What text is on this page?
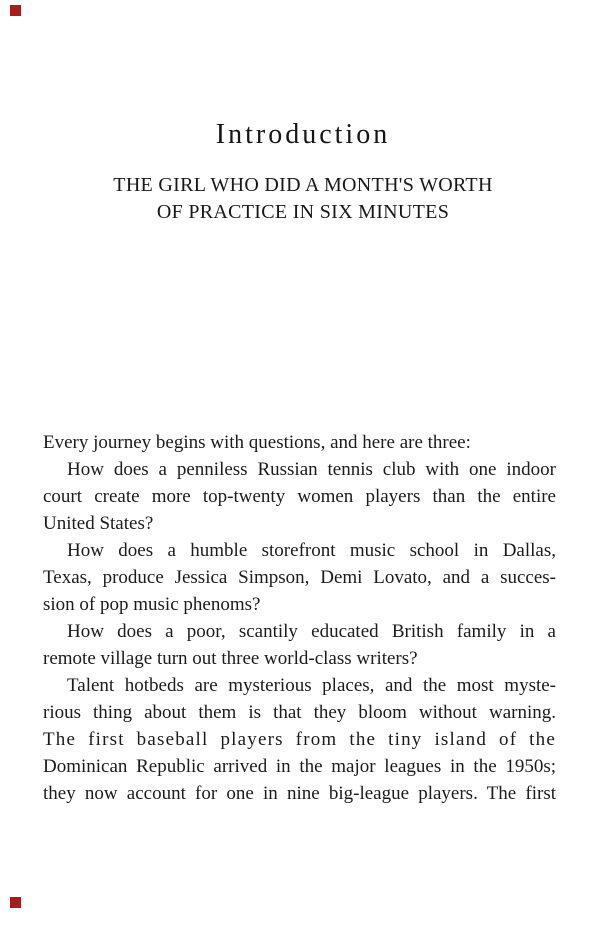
Introduction
THE GIRL WHO DID A MONTH'S WORTH
OF PRACTICE IN SIX MINUTES
Every journey begins with questions, and here are three:
How does a penniless Russian tennis club with one indoor
court create more top-twenty women players than the entire
United States?
How does a humble storefront music school in Dallas,
Texas, produce Jessica Simpson, Demi Lovato, and a succes-
sion of pop music phenoms?
How does a poor, scantily educated British family in a
remote village turn out three world-class writers?
Talent hotbeds are mysterious places, and the most myste-
rious thing about them is that they bloom without warning.
The first baseball players from the tiny island of the
Dominican Republic arrived in the major leagues in the 1950s;
they now account for one in nine big-league players. The first
